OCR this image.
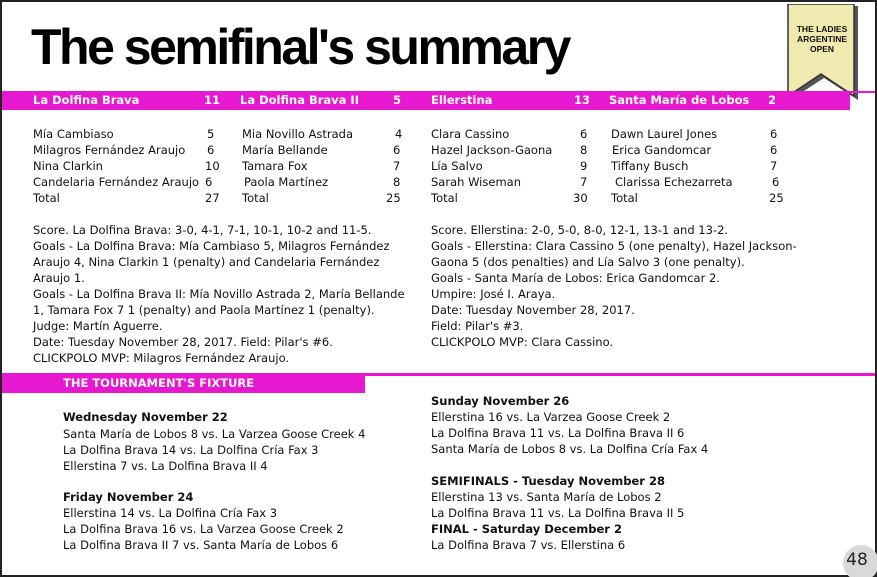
The semifinal's summary	THE LADIES
ARGENTINE
OPEN
La Dolfina Brava	11 La Dolfina Brava II	5	Ellerstina	13 Santa María de Lobos 2
Mía Cambiaso	5
Milagros Fernández Araujo 6
Nina Clarkin	10
Candelaria Fernández Araujo 6
Total	27
Mia Novillo Astrada	4
María Bellande	6
Tamara Fox	7
Paola Martínez	8
Total	25
Clara Cassino	6
Hazel Jackson-Gaona 8
Lía Salvo	9
Sarah Wiseman	7
Total	30
Dawn Laurel Jones	6
Erica Gandomcar	6
Tiffany Busch	7
Clarissa Echezarreta	6
Total	25
Score. La Dolfina Brava: 3-0, 4-1, 7-1, 10-1, 10-2 and 11-5.
Goals - La Dolfina Brava: Mía Cambiaso 5, Milagros Fernández Araujo 4, Nina Clarkin 1 (penalty) and Candelaria Fernández Araujo 1.
Goals - La Dolfina Brava II: Mía Novillo Astrada 2, María Bellande 1, Tamara Fox 7 1 (penalty) and Paola Martínez 1 (penalty).
Judge: Martín Aguerre.
Date: Tuesday November 28, 2017. Field: Pilar's #6.
CLICKPOLO MVP: Milagros Fernández Araujo.
Score. Ellerstina: 2-0, 5-0, 8-0, 12-1, 13-1 and 13-2.
Goals - Ellerstina: Clara Cassino 5 (one penalty), Hazel Jackson-Gaona 5 (dos penalties) and Lía Salvo 3 (one penalty).
Goals - Santa María de Lobos: Erica Gandomcar 2.
Umpire: José I. Araya.
Date: Tuesday November 28, 2017.
Field: Pilar's #3.
CLICKPOLO MVP: Clara Cassino.
THE TOURNAMENT'S FIXTURE
Wednesday November 22
Santa María de Lobos 8 vs. La Varzea Goose Creek 4
La Dolfina Brava 14 vs. La Dolfina Cría Fax 3
Ellerstina 7 vs. La Dolfina Brava II 4
Friday November 24
Ellerstina 14 vs. La Dolfina Cría Fax 3
La Dolfina Brava 16 vs. La Varzea Goose Creek 2
La Dolfina Brava II 7 vs. Santa María de Lobos 6
Sunday November 26
Ellerstina 16 vs. La Varzea Goose Creek 2
La Dolfina Brava 11 vs. La Dolfina Brava II 6
Santa María de Lobos 8 vs. La Dolfina Cría Fax 4
SEMIFINALS - Tuesday November 28
Ellerstina 13 vs. Santa María de Lobos 2
La Dolfina Brava 11 vs. La Dolfina Brava II 5
FINAL - Saturday December 2
La Dolfina Brava 7 vs. Ellerstina 6
48
